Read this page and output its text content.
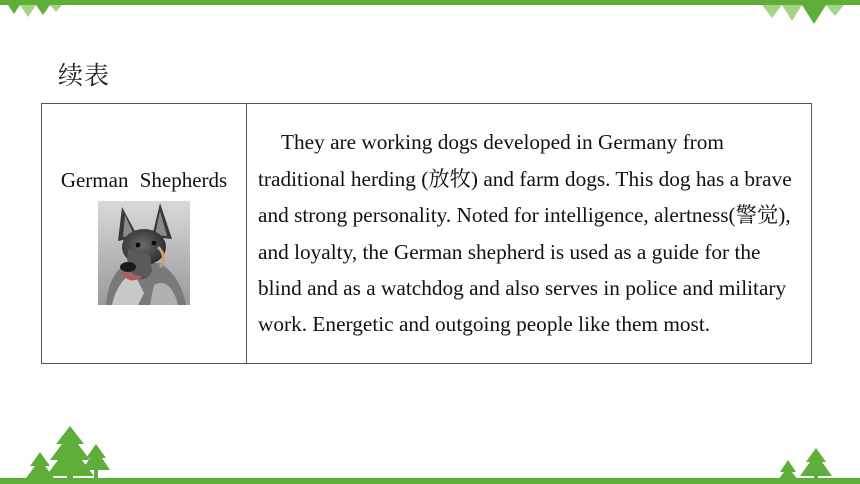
续表
German Shepherds

They are working dogs developed in Germany from traditional herding (放牧) and farm dogs. This dog has a brave and strong personality. Noted for intelligence, alertness(警觉), and loyalty, the German shepherd is used as a guide for the blind and as a watchdog and also serves in police and military work. Energetic and outgoing people like them most.
